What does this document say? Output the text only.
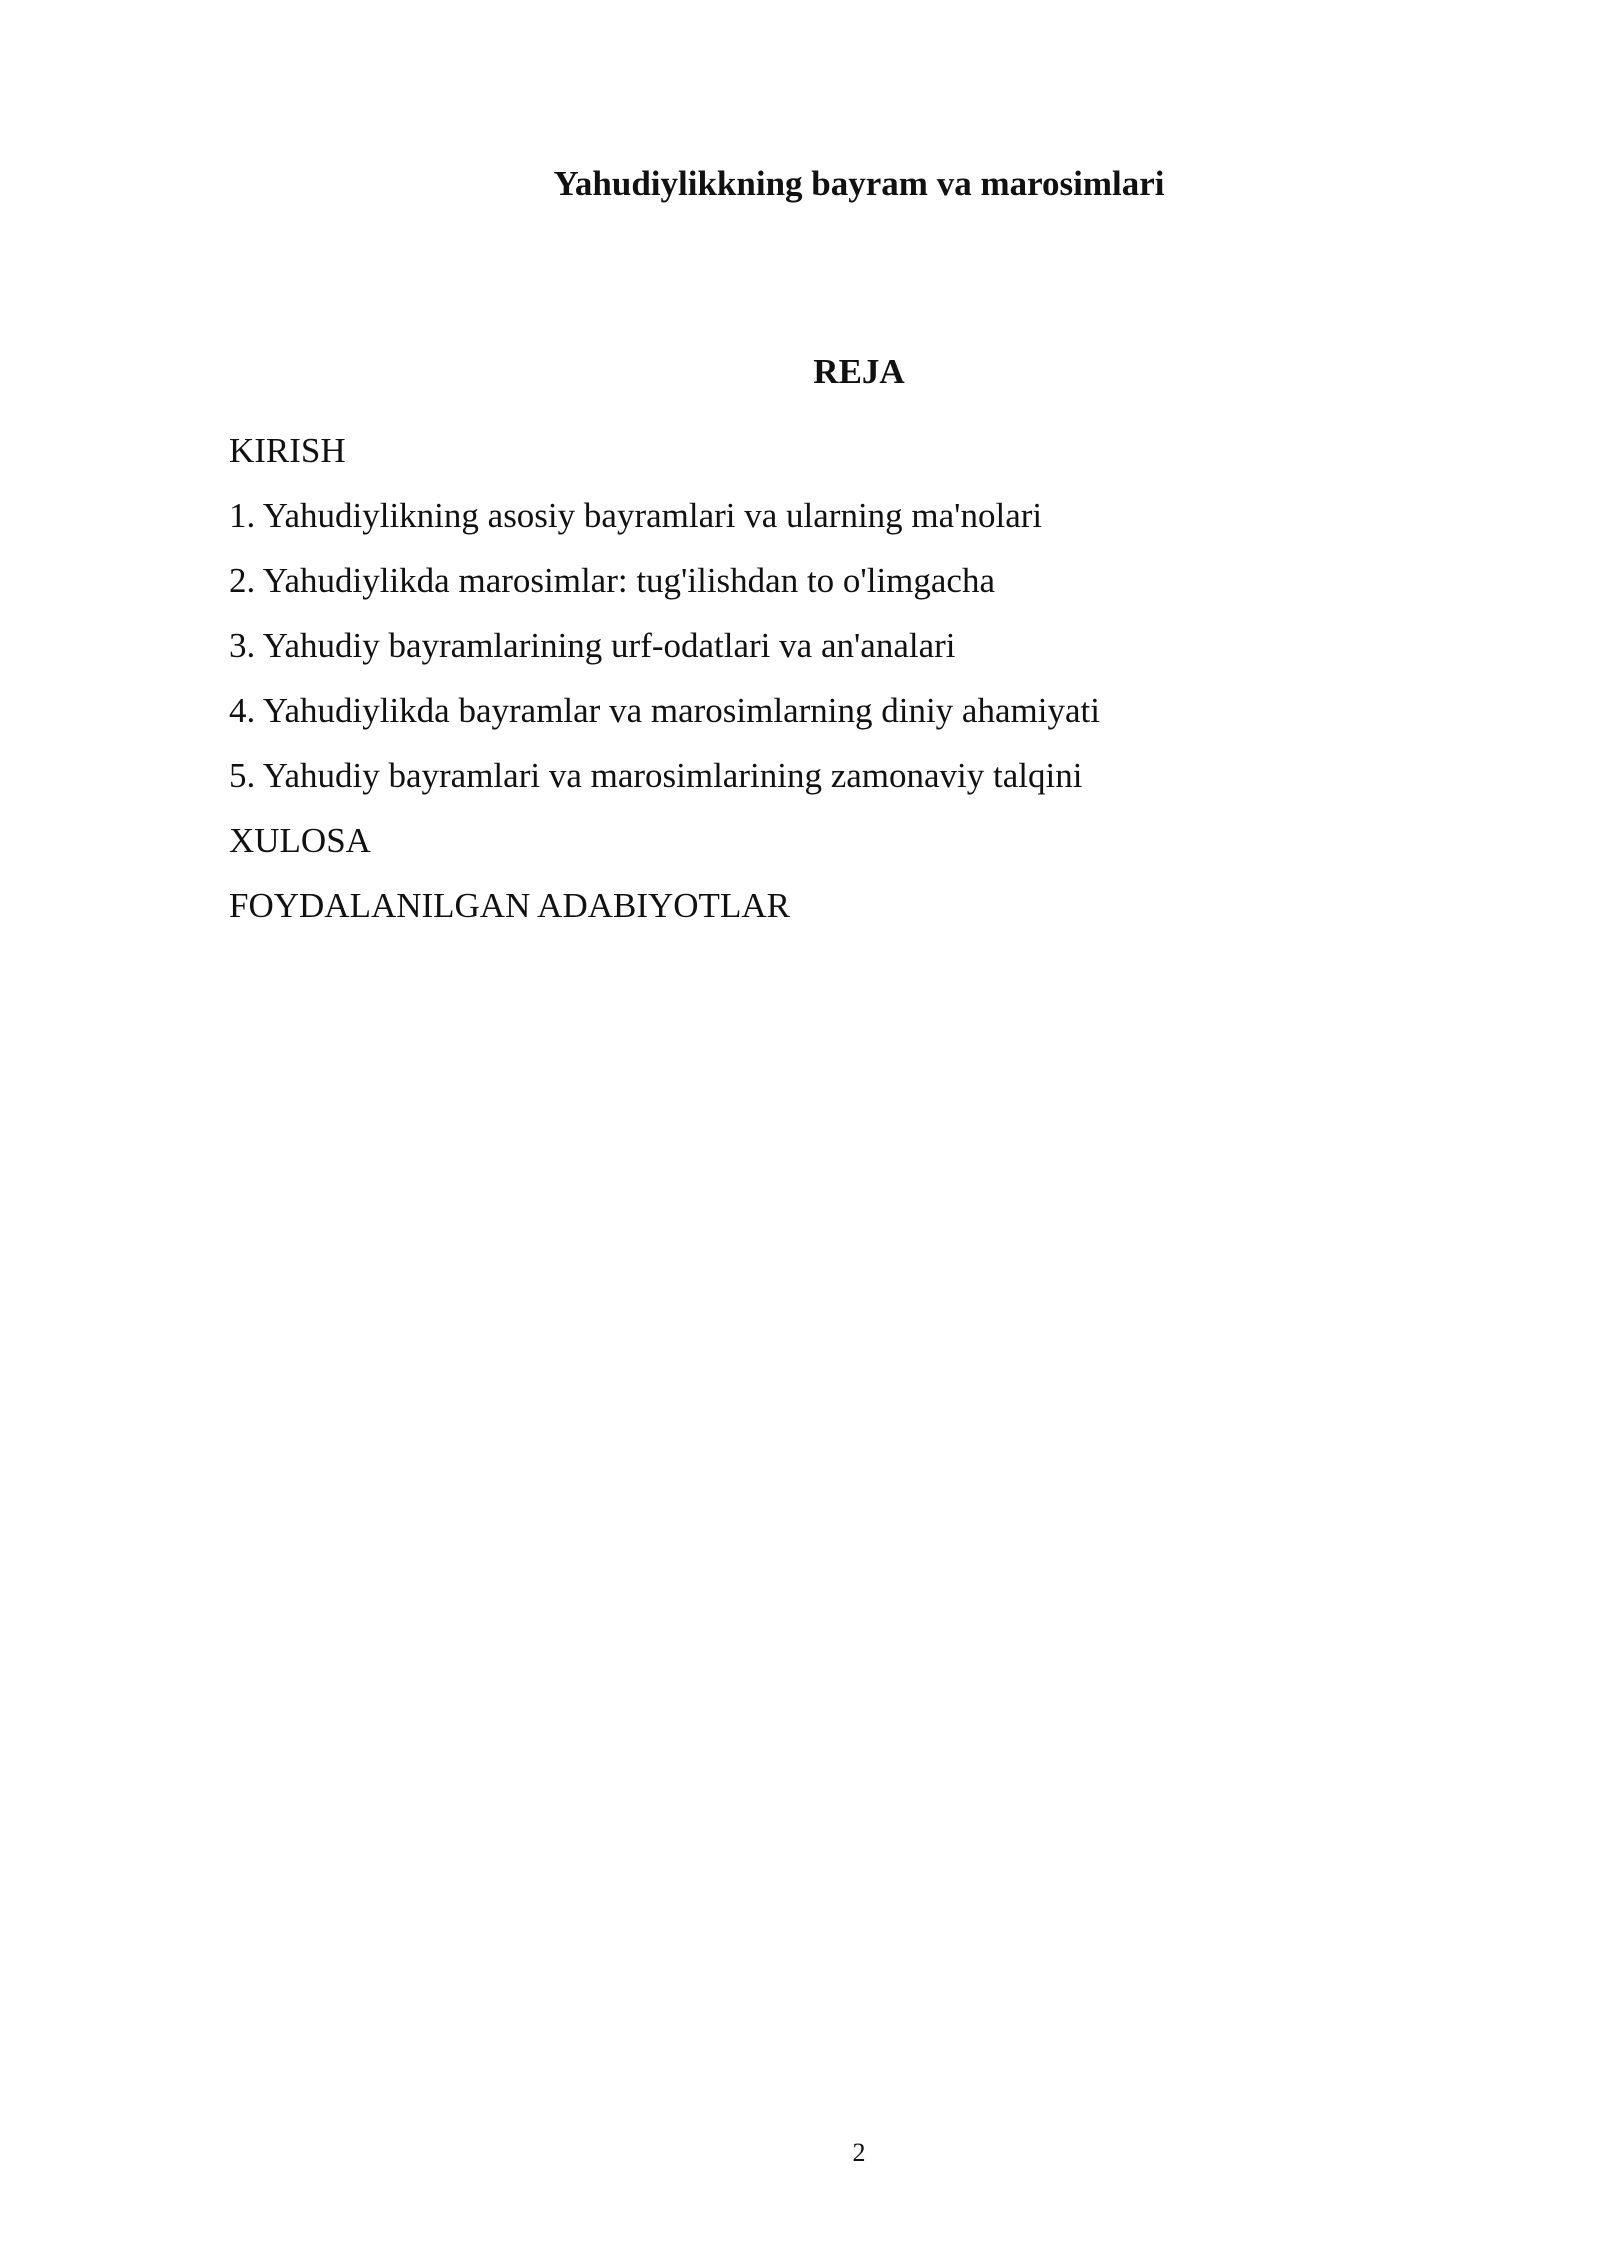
Yahudiylikkning bayram va marosimlari
REJA
KIRISH
1. Yahudiylikning asosiy bayramlari va ularning ma'nolari
2. Yahudiylikda marosimlar: tug'ilishdan to o'limgacha
3. Yahudiy bayramlarining urf-odatlari va an'analari
4. Yahudiylikda bayramlar va marosimlarning diniy ahamiyati
5. Yahudiy bayramlari va marosimlarining zamonaviy talqini
XULOSA
FOYDALANILGAN ADABIYOTLAR
2
